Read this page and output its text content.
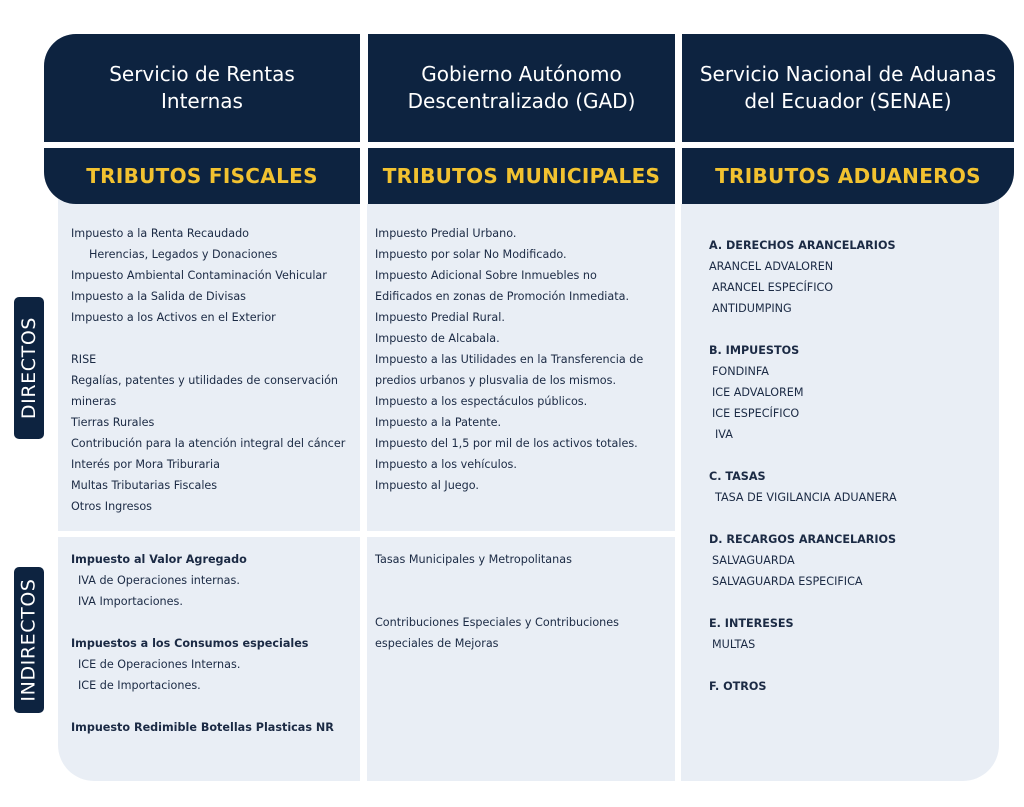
Servicio de Rentas Internas
Gobierno Autónomo Descentralizado (GAD)
Servicio Nacional de Aduanas del Ecuador (SENAE)
TRIBUTOS FISCALES	TRIBUTOS MUNICIPALES	TRIBUTOS ADUANEROS
DIRECTOS
INDIRECTOS
Impuesto a la Renta Recaudado
Herencias, Legados y Donaciones
Impuesto Ambiental Contaminación Vehicular
Impuesto a la Salida de Divisas
Impuesto a los Activos en el Exterior
RISE
Regalías, patentes y utilidades de conservación
mineras
Tierras Rurales
Contribución para la atención integral del cáncer
Interés por Mora Triburaria
Multas Tributarias Fiscales
Otros Ingresos
Impuesto Predial Urbano.
Impuesto por solar No Modificado.
Impuesto Adicional Sobre Inmuebles no
Edificados en zonas de Promoción Inmediata.
Impuesto Predial Rural.
Impuesto de Alcabala.
Impuesto a las Utilidades en la Transferencia de
predios urbanos y plusvalia de los mismos.
Impuesto a los espectáculos públicos.
Impuesto a la Patente.
Impuesto del 1,5 por mil de los activos totales.
Impuesto a los vehículos.
Impuesto al Juego.
Impuesto al Valor Agregado
IVA de Operaciones internas.
IVA Importaciones.
Impuestos a los Consumos especiales
ICE de Operaciones Internas.
ICE de Importaciones.
Impuesto Redimible Botellas Plasticas NR
Tasas Municipales y Metropolitanas
Contribuciones Especiales y Contribuciones
especiales de Mejoras
A. DERECHOS ARANCELARIOS
ARANCEL ADVALOREN
ARANCEL ESPECÍFICO
ANTIDUMPING
B. IMPUESTOS
FONDINFA
ICE ADVALOREM
ICE ESPECÍFICO
IVA
C. TASAS
TASA DE VIGILANCIA ADUANERA
D. RECARGOS ARANCELARIOS
SALVAGUARDA
SALVAGUARDA ESPECIFICA
E. INTERESES
MULTAS
F. OTROS
